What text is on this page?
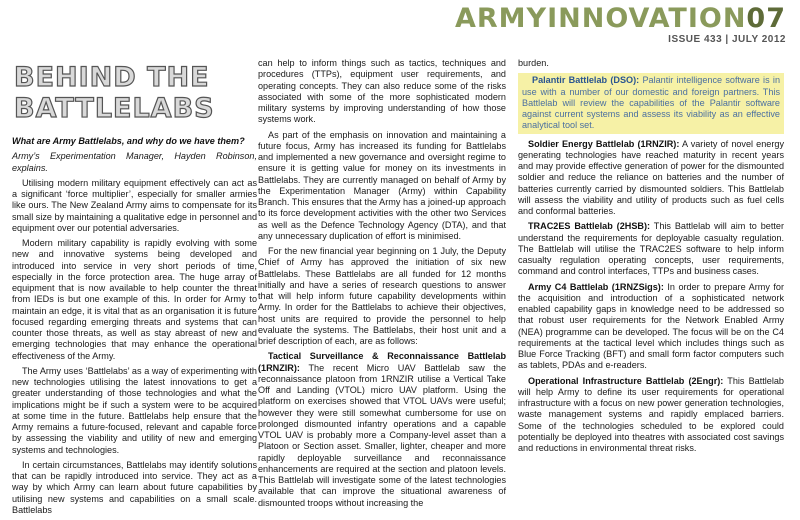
ARMYINNOVATION07
ISSUE 433 | JULY 2012
BEHIND THE
BATTLELABS

What are Army Battlelabs, and why do we have them?

Army’s Experimentation Manager, Hayden Robinson, explains.

Utilising modern military equipment effectively can act as a significant ‘force multiplier’, especially for smaller armies like ours. The New Zealand Army aims to compensate for its small size by maintaining a qualitative edge in personnel and equipment over our potential adversaries.

Modern military capability is rapidly evolving with some new and innovative systems being developed and introduced into service in very short periods of time, especially in the force protection area. The huge array of equipment that is now available to help counter the threat from IEDs is but one example of this. In order for Army to maintain an edge, it is vital that as an organisation it is future focused regarding emerging threats and systems that can counter those threats, as well as stay abreast of new and emerging technologies that may enhance the operational effectiveness of the Army.

The Army uses ‘Battlelabs’ as a way of experimenting with new technologies utilising the latest innovations to get a greater understanding of those technologies and what the implications might be if such a system were to be acquired at some time in the future. Battlelabs help ensure that the Army remains a future-focused, relevant and capable force by assessing the viability and utility of new and emerging systems and technologies.

In certain circumstances, Battlelabs may identify solutions that can be rapidly introduced into service. They act as a way by which Army can learn about future capabilities by utilising new systems and capabilities on a small scale. Battlelabs

can help to inform things such as tactics, techniques and procedures (TTPs), equipment user requirements, and operating concepts. They can also reduce some of the risks associated with some of the more sophisticated modern military systems by improving understanding of how those systems work.

As part of the emphasis on innovation and maintaining a future focus, Army has increased its funding for Battlelabs and implemented a new governance and oversight regime to ensure it is getting value for money on its investments in Battlelabs. They are currently managed on behalf of Army by the Experimentation Manager (Army) within Capability Branch. This ensures that the Army has a joined-up approach to its force development activities with the other two Services as well as the Defence Technology Agency (DTA), and that any unnecessary duplication of effort is minimised.

For the new financial year beginning on 1 July, the Deputy Chief of Army has approved the initiation of six new Battlelabs. These Battlelabs are all funded for 12 months initially and have a series of research questions to answer that will help inform future capability developments within Army. In order for the Battlelabs to achieve their objectives, host units are required to provide the personnel to help evaluate the systems. The Battlelabs, their host unit and a brief description of each, are as follows:

Tactical Surveillance & Reconnaissance Battlelab (1RNZIR): The recent Micro UAV Battlelab saw the reconnaissance platoon from 1RNZIR utilise a Vertical Take Off and Landing (VTOL) micro UAV platform. Using the platform on exercises showed that VTOL UAVs were useful; however they were still somewhat cumbersome for use on prolonged dismounted infantry operations and a capable VTOL UAV is probably more a Company-level asset than a Platoon or Section asset. Smaller, lighter, cheaper and more rapidly deployable surveillance and reconnaissance enhancements are required at the section and platoon levels. This Battlelab will investigate some of the latest technologies available that can improve the situational awareness of dismounted troops without increasing the

burden.

Palantir Battlelab (DSO): Palantir intelligence software is in use with a number of our domestic and foreign partners. This Battlelab will review the capabilities of the Palantir software against current systems and assess its viability as an effective analytical tool set.

Soldier Energy Battlelab (1RNZIR): A variety of novel energy generating technologies have reached maturity in recent years and may provide effective generation of power for the dismounted soldier and reduce the reliance on batteries and the number of batteries currently carried by dismounted soldiers. This Battlelab will assess the viability and utility of products such as fuel cells and conformal batteries.

TRAC2ES Battlelab (2HSB): This Battlelab will aim to better understand the requirements for deployable casualty regulation. The Battlelab will utilise the TRAC2ES software to help inform casualty regulation operating concepts, user requirements, command and control interfaces, TTPs and business cases.

Army C4 Battlelab (1RNZSigs): In order to prepare Army for the acquisition and introduction of a sophisticated network enabled capability gaps in knowledge need to be addressed so that robust user requirements for the Network Enabled Army (NEA) programme can be developed. The focus will be on the C4 requirements at the tactical level which includes things such as Blue Force Tracking (BFT) and small form factor computers such as tablets, PDAs and e-readers.

Operational Infrastructure Battlelab (2Engr): This Battlelab will help Army to define its user requirements for operational infrastructure with a focus on new power generation technologies, waste management systems and rapidly emplaced barriers. Some of the technologies scheduled to be explored could potentially be deployed into theatres with associated cost savings and reductions in environmental threat risks.
